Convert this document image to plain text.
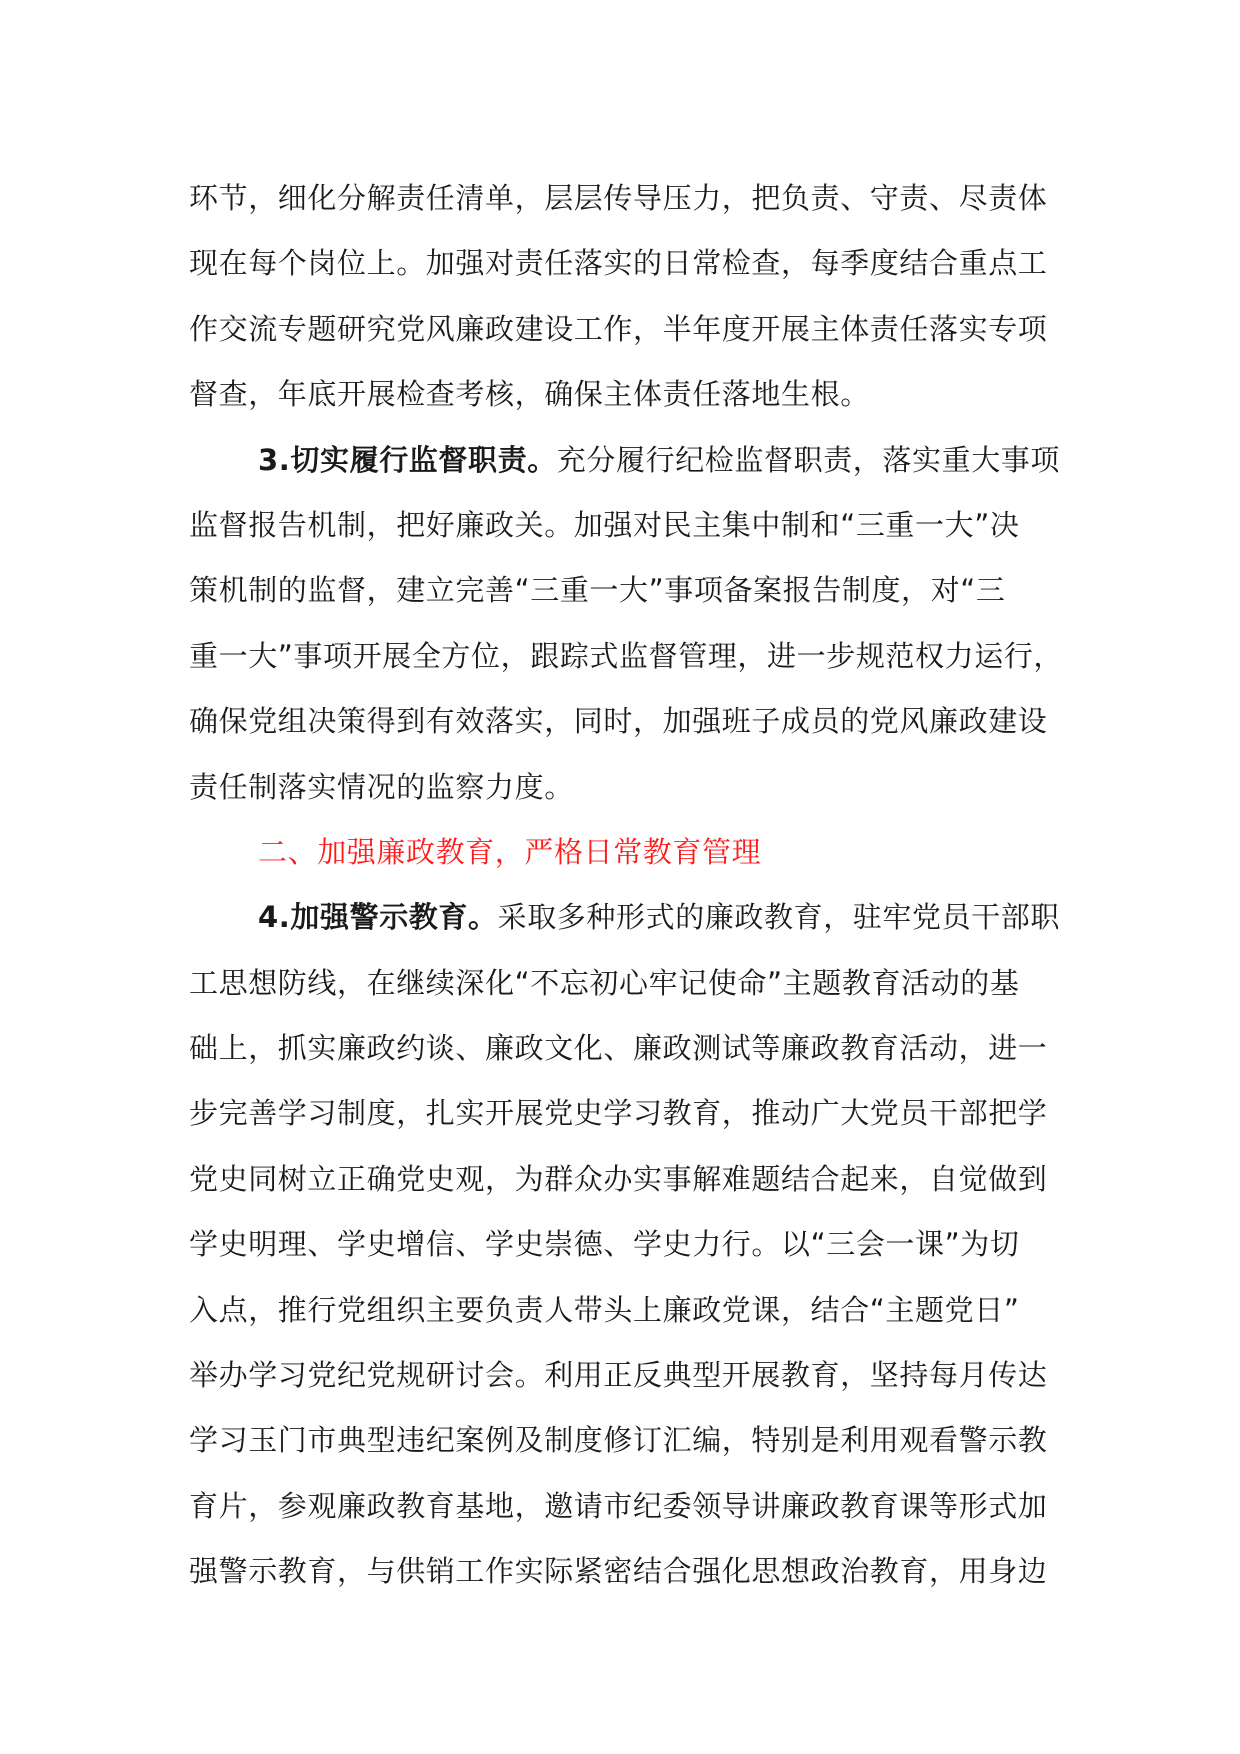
环节，细化分解责任清单，层层传导压力，把负责、守责、尽责体
现在每个岗位上。加强对责任落实的日常检查，每季度结合重点工
作交流专题研究党风廉政建设工作，半年度开展主体责任落实专项
督查，年底开展检查考核，确保主体责任落地生根。
3.切实履行监督职责。充分履行纪检监督职责，落实重大事项
监督报告机制，把好廉政关。加强对民主集中制和“三重一大”决
策机制的监督，建立完善“三重一大”事项备案报告制度，对“三
重一大”事项开展全方位，跟踪式监督管理，进一步规范权力运行，
确保党组决策得到有效落实，同时，加强班子成员的党风廉政建设
责任制落实情况的监察力度。
二、加强廉政教育，严格日常教育管理
4.加强警示教育。采取多种形式的廉政教育，驻牢党员干部职
工思想防线，在继续深化“不忘初心牢记使命”主题教育活动的基
础上，抓实廉政约谈、廉政文化、廉政测试等廉政教育活动，进一
步完善学习制度，扎实开展党史学习教育，推动广大党员干部把学
党史同树立正确党史观，为群众办实事解难题结合起来，自觉做到
学史明理、学史增信、学史崇德、学史力行。以“三会一课”为切
入点，推行党组织主要负责人带头上廉政党课，结合“主题党日”
举办学习党纪党规研讨会。利用正反典型开展教育，坚持每月传达
学习玉门市典型违纪案例及制度修订汇编，特别是利用观看警示教
育片，参观廉政教育基地，邀请市纪委领导讲廉政教育课等形式加
强警示教育，与供销工作实际紧密结合强化思想政治教育，用身边
